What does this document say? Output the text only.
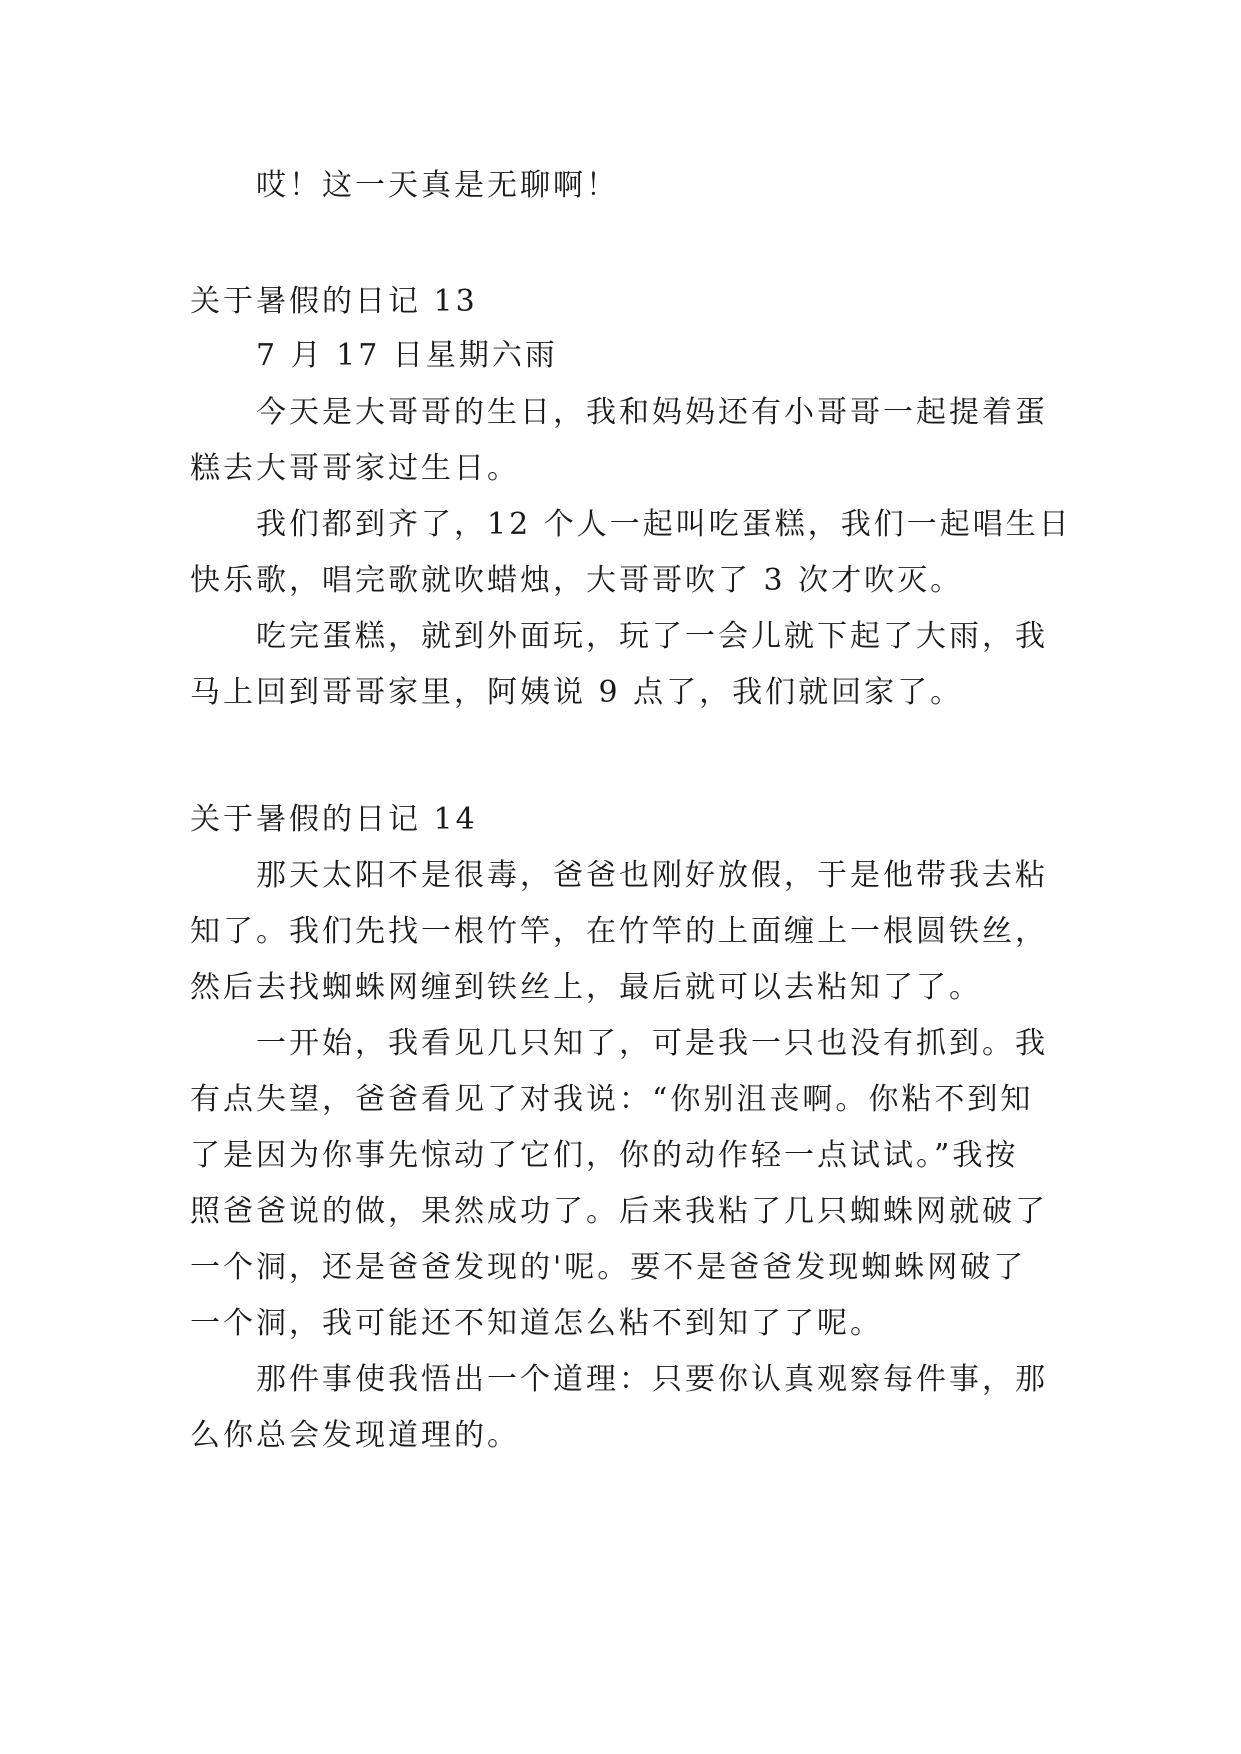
哎！这一天真是无聊啊！
关于暑假的日记 13
7 月 17 日星期六雨
今天是大哥哥的生日，我和妈妈还有小哥哥一起提着蛋
糕去大哥哥家过生日。
我们都到齐了，12 个人一起叫吃蛋糕，我们一起唱生日
快乐歌，唱完歌就吹蜡烛，大哥哥吹了 3 次才吹灭。
吃完蛋糕，就到外面玩，玩了一会儿就下起了大雨，我
马上回到哥哥家里，阿姨说 9 点了，我们就回家了。
关于暑假的日记 14
那天太阳不是很毒，爸爸也刚好放假，于是他带我去粘
知了。我们先找一根竹竿，在竹竿的上面缠上一根圆铁丝，
然后去找蜘蛛网缠到铁丝上，最后就可以去粘知了了。
一开始，我看见几只知了，可是我一只也没有抓到。我
有点失望，爸爸看见了对我说：“你别沮丧啊。你粘不到知
了是因为你事先惊动了它们，你的动作轻一点试试。”我按
照爸爸说的做，果然成功了。后来我粘了几只蜘蛛网就破了
一个洞，还是爸爸发现的'呢。要不是爸爸发现蜘蛛网破了
一个洞，我可能还不知道怎么粘不到知了了呢。
那件事使我悟出一个道理：只要你认真观察每件事，那
么你总会发现道理的。
